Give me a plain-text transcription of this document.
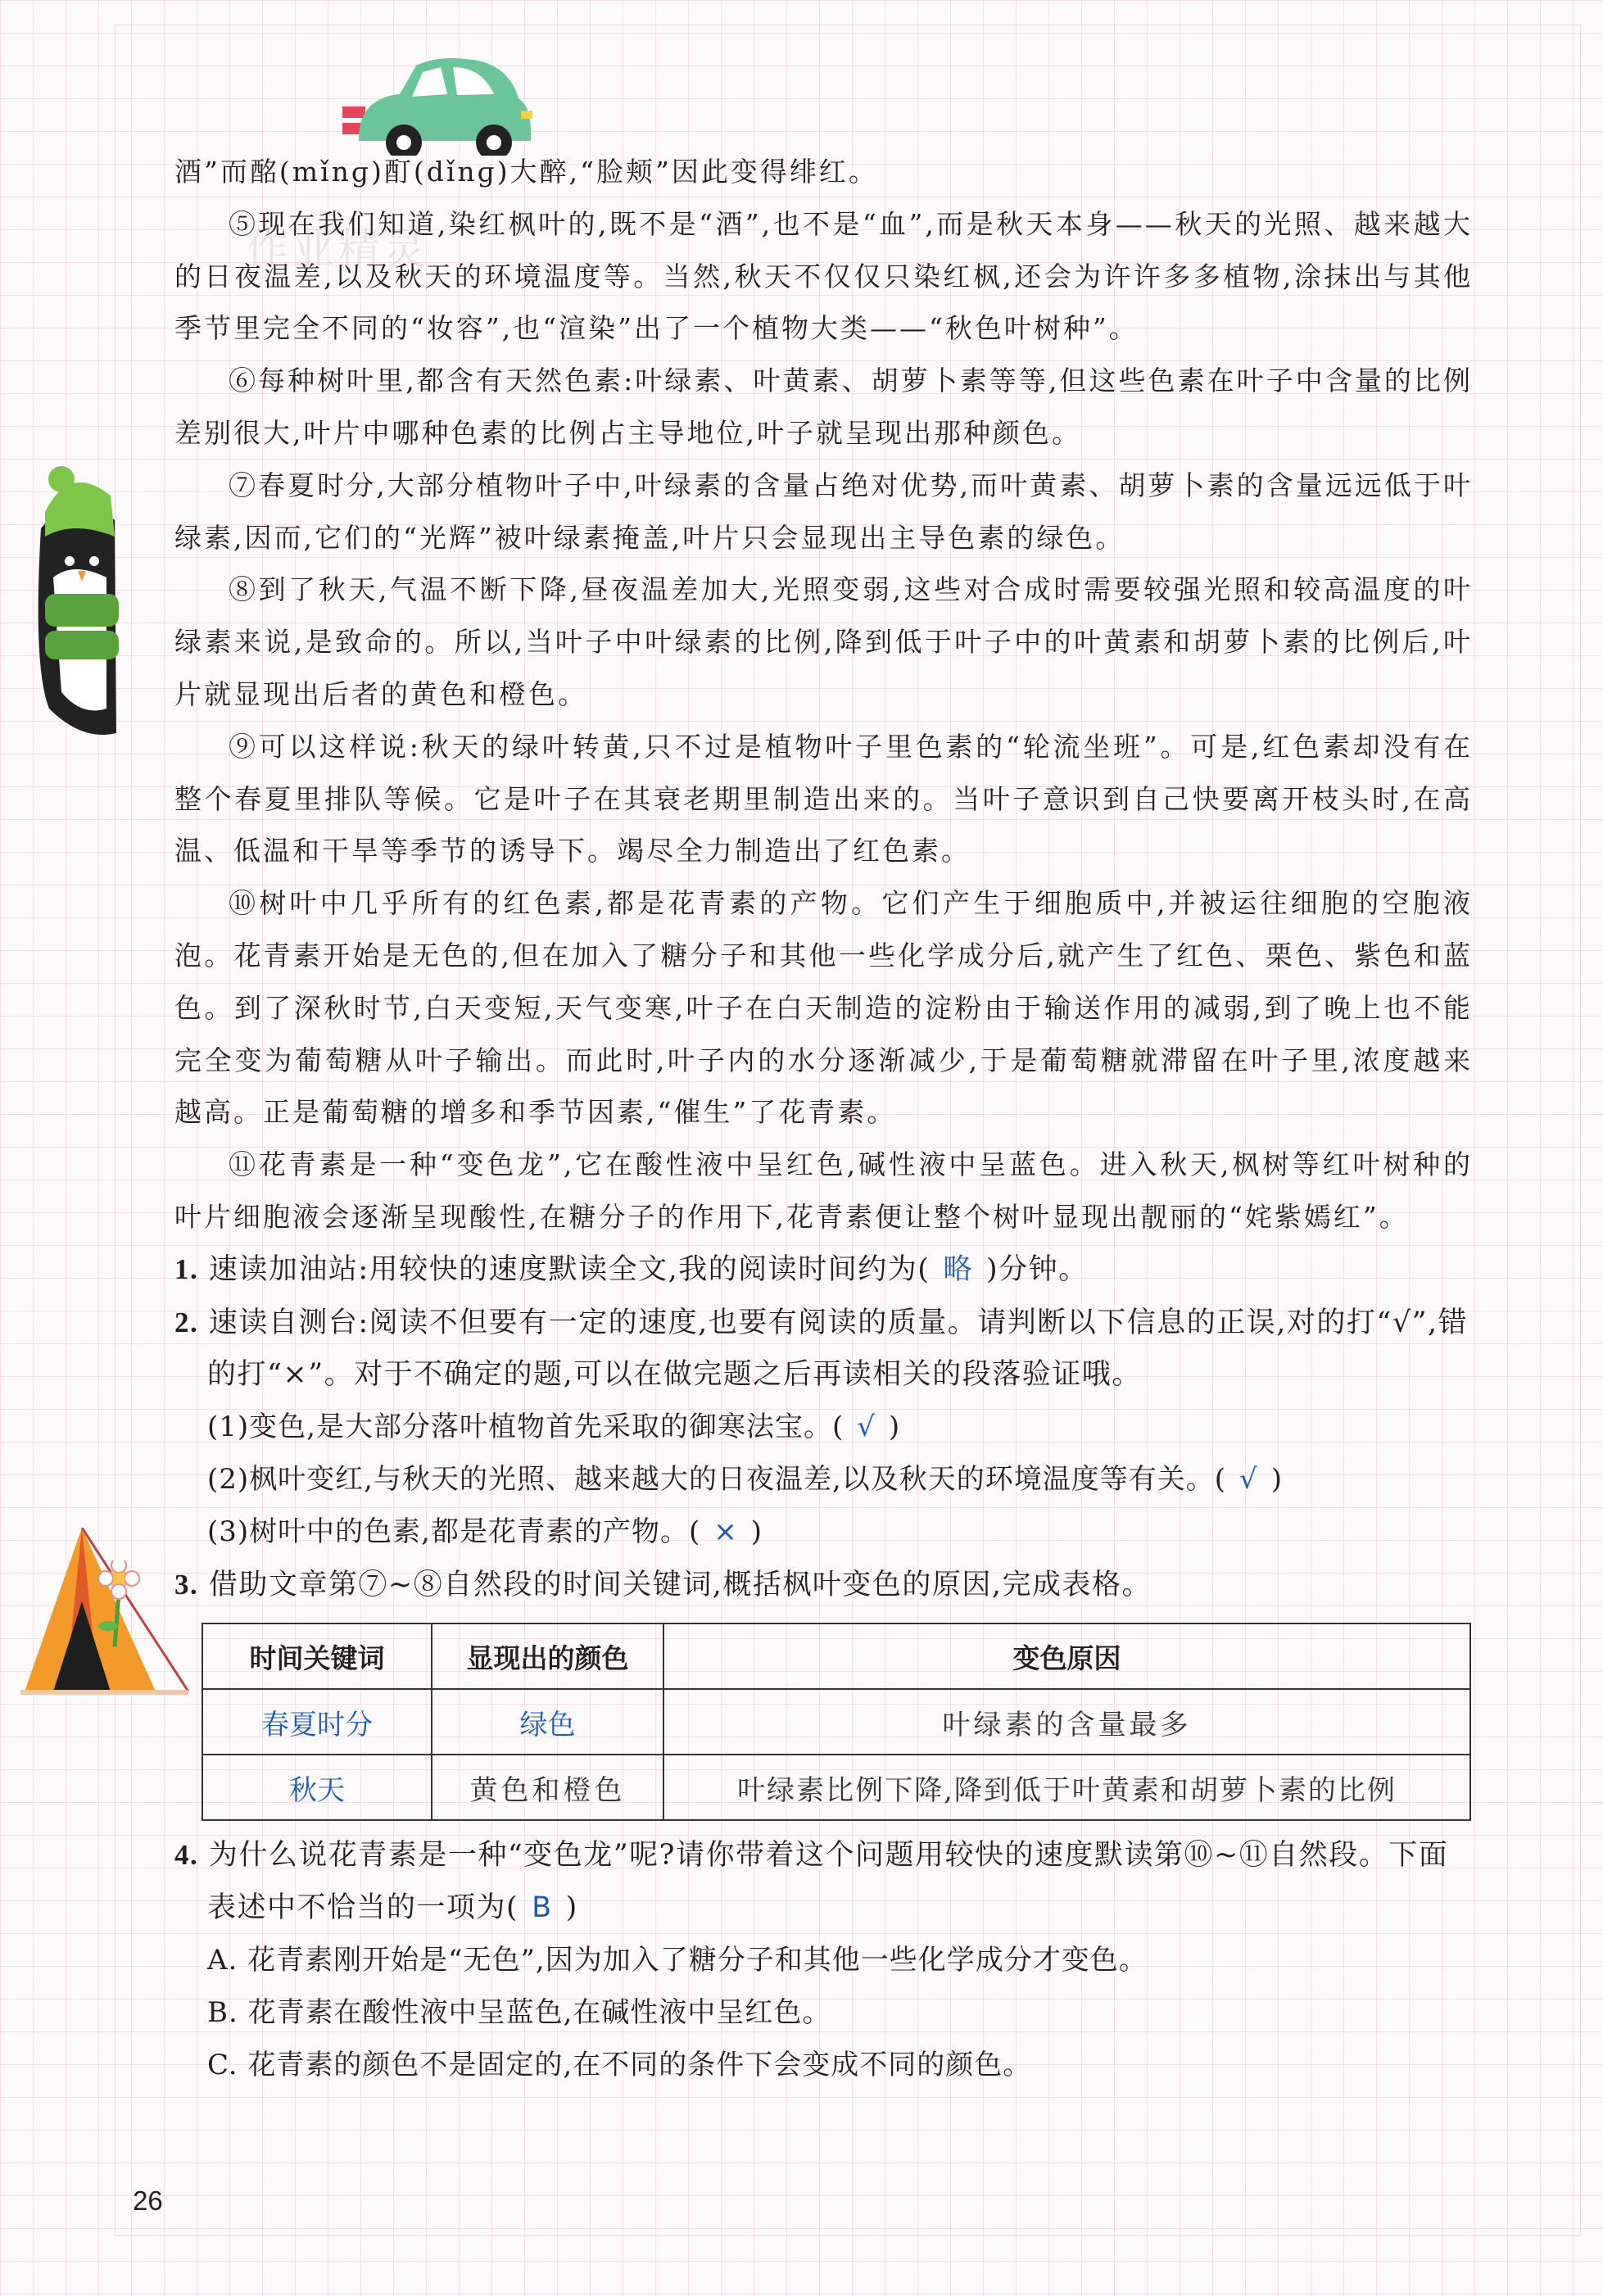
作业精灵

酒”而酩(mǐnɡ)酊(dǐnɡ)大醉,“脸颊”因此变得绯红。

⑤现在我们知道,染红枫叶的,既不是“酒”,也不是“血”,而是秋天本身——秋天的光照、越来越大的日夜温差,以及秋天的环境温度等。当然,秋天不仅仅只染红枫,还会为许许多多植物,涂抹出与其他季节里完全不同的“妆容”,也“渲染”出了一个植物大类——“秋色叶树种”。

⑥每种树叶里,都含有天然色素:叶绿素、叶黄素、胡萝卜素等等,但这些色素在叶子中含量的比例差别很大,叶片中哪种色素的比例占主导地位,叶子就呈现出那种颜色。

⑦春夏时分,大部分植物叶子中,叶绿素的含量占绝对优势,而叶黄素、胡萝卜素的含量远远低于叶绿素,因而,它们的“光辉”被叶绿素掩盖,叶片只会显现出主导色素的绿色。

⑧到了秋天,气温不断下降,昼夜温差加大,光照变弱,这些对合成时需要较强光照和较高温度的叶绿素来说,是致命的。所以,当叶子中叶绿素的比例,降到低于叶子中的叶黄素和胡萝卜素的比例后,叶片就显现出后者的黄色和橙色。

⑨可以这样说:秋天的绿叶转黄,只不过是植物叶子里色素的“轮流坐班”。可是,红色素却没有在整个春夏里排队等候。它是叶子在其衰老期里制造出来的。当叶子意识到自己快要离开枝头时,在高温、低温和干旱等季节的诱导下。竭尽全力制造出了红色素。

⑩树叶中几乎所有的红色素,都是花青素的产物。它们产生于细胞质中,并被运往细胞的空胞液泡。花青素开始是无色的,但在加入了糖分子和其他一些化学成分后,就产生了红色、栗色、紫色和蓝色。到了深秋时节,白天变短,天气变寒,叶子在白天制造的淀粉由于输送作用的减弱,到了晚上也不能完全变为葡萄糖从叶子输出。而此时,叶子内的水分逐渐减少,于是葡萄糖就滞留在叶子里,浓度越来越高。正是葡萄糖的增多和季节因素,“催生”了花青素。

⑪花青素是一种“变色龙”,它在酸性液中呈红色,碱性液中呈蓝色。进入秋天,枫树等红叶树种的叶片细胞液会逐渐呈现酸性,在糖分子的作用下,花青素便让整个树叶显现出靓丽的“姹紫嫣红”。

1. 速读加油站:用较快的速度默读全文,我的阅读时间约为( 略 )分钟。

2. 速读自测台:阅读不但要有一定的速度,也要有阅读的质量。请判断以下信息的正误,对的打“√”,错的打“×”。对于不确定的题,可以在做完题之后再读相关的段落验证哦。

(1)变色,是大部分落叶植物首先采取的御寒法宝。( √ )

(2)枫叶变红,与秋天的光照、越来越大的日夜温差,以及秋天的环境温度等有关。( √ )

(3)树叶中的色素,都是花青素的产物。( × )

3. 借助文章第⑦~⑧自然段的时间关键词,概括枫叶变色的原因,完成表格。

时间关键词	显现出的颜色	变色原因
春夏时分	绿色	叶绿素的含量最多
秋天	黄色和橙色	叶绿素比例下降,降到低于叶黄素和胡萝卜素的比例

4. 为什么说花青素是一种“变色龙”呢?请你带着这个问题用较快的速度默读第⑩~⑪自然段。下面表述中不恰当的一项为( B )

A. 花青素刚开始是“无色”,因为加入了糖分子和其他一些化学成分才变色。

B. 花青素在酸性液中呈蓝色,在碱性液中呈红色。

C. 花青素的颜色不是固定的,在不同的条件下会变成不同的颜色。

26
